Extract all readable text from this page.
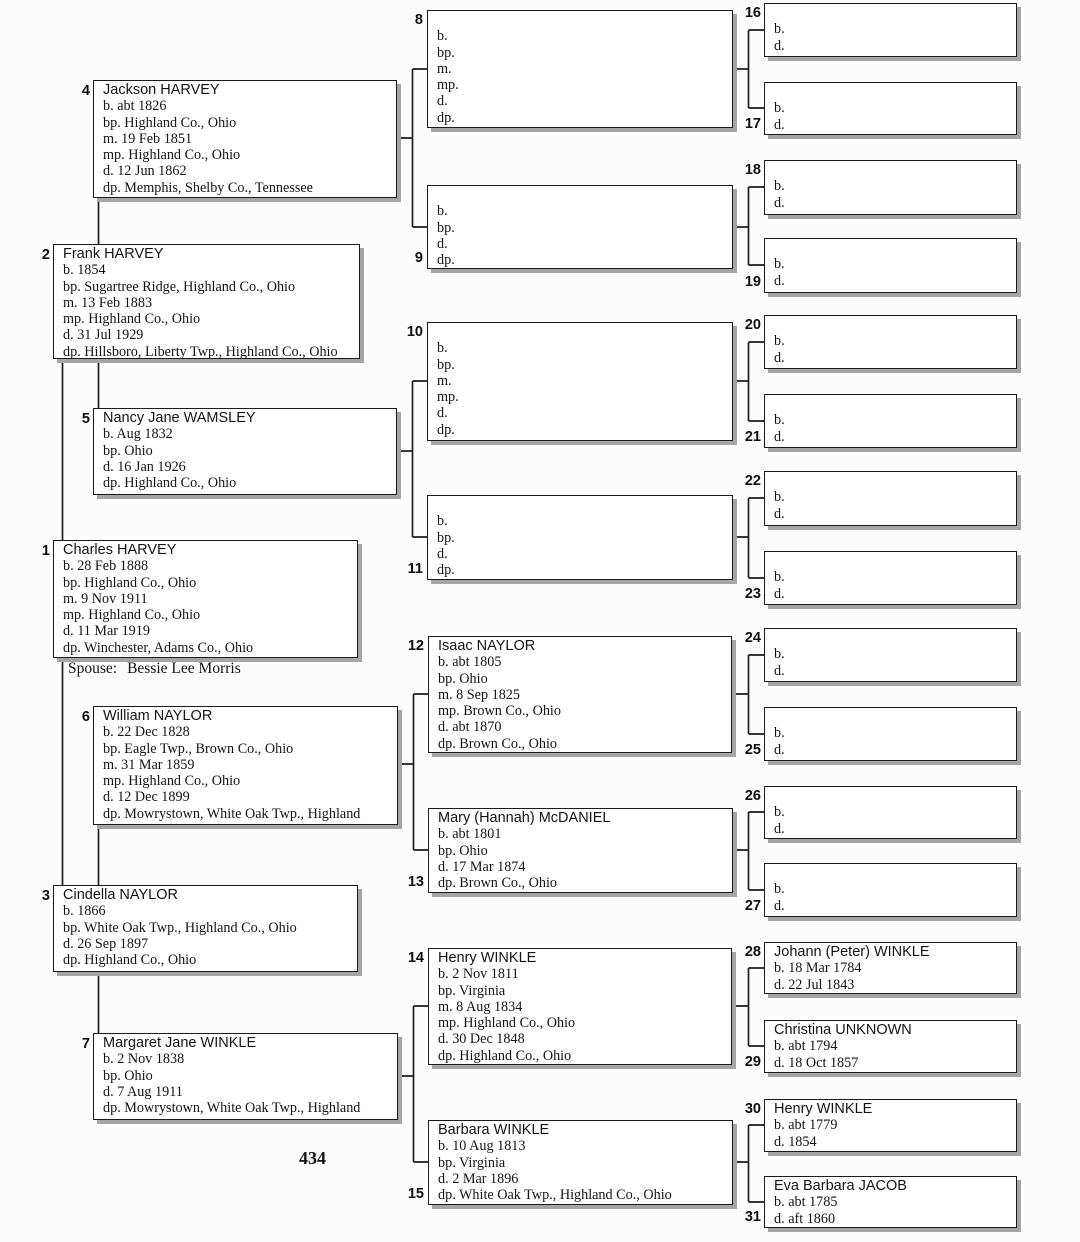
Jackson HARVEY
b. abt 1826
bp. Highland Co., Ohio
m. 19 Feb 1851
mp. Highland Co., Ohio
d. 12 Jun 1862
dp. Memphis, Shelby Co., Tennessee
4
Frank HARVEY
b. 1854
bp. Sugartree Ridge, Highland Co., Ohio
m. 13 Feb 1883
mp. Highland Co., Ohio
d. 31 Jul 1929
dp. Hillsboro, Liberty Twp., Highland Co., Ohio
2
Nancy Jane WAMSLEY
b. Aug 1832
bp. Ohio
d. 16 Jan 1926
dp. Highland Co., Ohio
5
Charles HARVEY
b. 28 Feb 1888
bp. Highland Co., Ohio
m. 9 Nov 1911
mp. Highland Co., Ohio
d. 11 Mar 1919
dp. Winchester, Adams Co., Ohio
1
Spouse: Bessie Lee Morris
William NAYLOR
b. 22 Dec 1828
bp. Eagle Twp., Brown Co., Ohio
m. 31 Mar 1859
mp. Highland Co., Ohio
d. 12 Dec 1899
dp. Mowrystown, White Oak Twp., Highland
6
Cindella NAYLOR
b. 1866
bp. White Oak Twp., Highland Co., Ohio
d. 26 Sep 1897
dp. Highland Co., Ohio
3
Margaret Jane WINKLE
b. 2 Nov 1838
bp. Ohio
d. 7 Aug 1911
dp. Mowrystown, White Oak Twp., Highland
7
434
b.
bp.
m.
mp.
d.
dp.
8
b.
bp.
d.
dp.
9
b.
bp.
m.
mp.
d.
dp.
10
b.
bp.
d.
dp.
11
Isaac NAYLOR
b. abt 1805
bp. Ohio
m. 8 Sep 1825
mp. Brown Co., Ohio
d. abt 1870
dp. Brown Co., Ohio
12
Mary (Hannah) McDANIEL
b. abt 1801
bp. Ohio
d. 17 Mar 1874
dp. Brown Co., Ohio
13
Henry WINKLE
b. 2 Nov 1811
bp. Virginia
m. 8 Aug 1834
mp. Highland Co., Ohio
d. 30 Dec 1848
dp. Highland Co., Ohio
14
Barbara WINKLE
b. 10 Aug 1813
bp. Virginia
d. 2 Mar 1896
dp. White Oak Twp., Highland Co., Ohio
15
b.
d.
16
b.
d.
17
b.
d.
18
b.
d.
19
b.
d.
20
b.
d.
21
b.
d.
22
b.
d.
23
b.
d.
24
b.
d.
25
b.
d.
26
b.
d.
27
Johann (Peter) WINKLE
b. 18 Mar 1784
d. 22 Jul 1843
28
Christina UNKNOWN
b. abt 1794
d. 18 Oct 1857
29
Henry WINKLE
b. abt 1779
d. 1854
30
Eva Barbara JACOB
b. abt 1785
d. aft 1860
31
